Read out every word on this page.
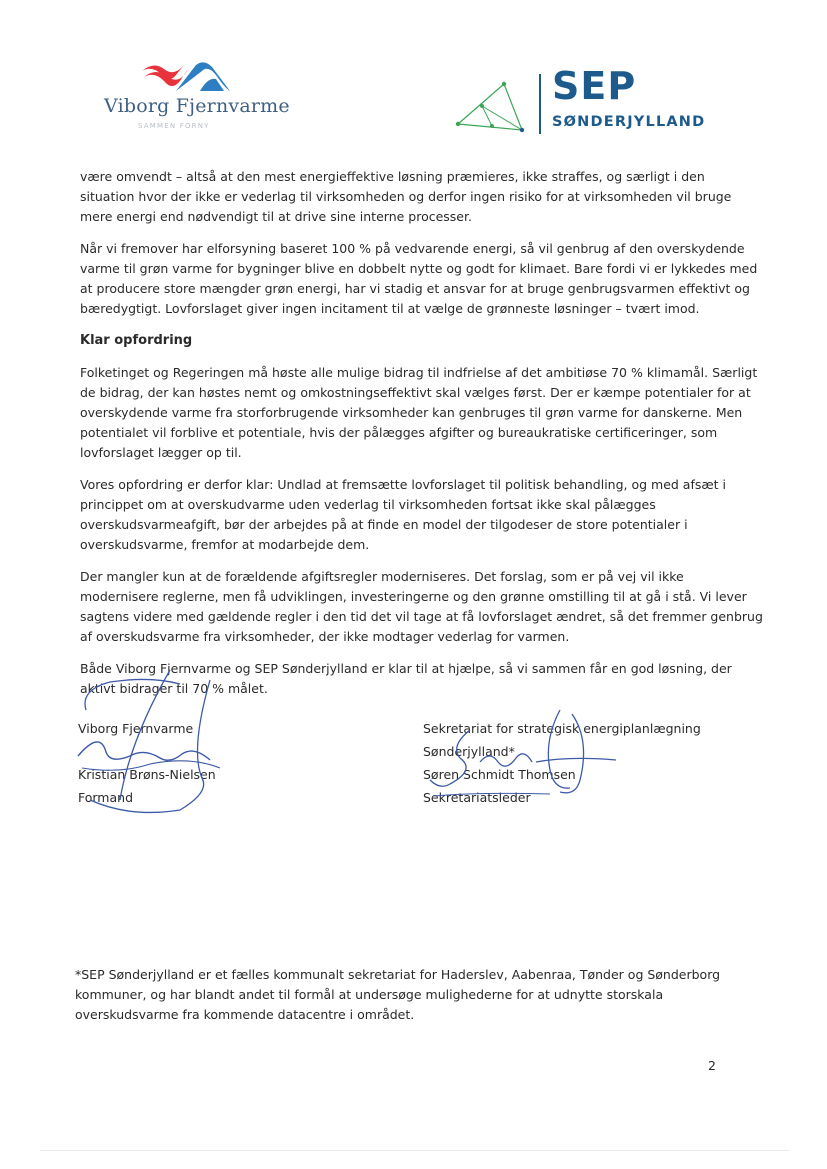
Viborg Fjernvarme
SAMMEN FORNY
SEP
SØNDERJYLLAND

være omvendt – altså at den mest energieffektive løsning præmieres, ikke straffes, og særligt i den
situation hvor der ikke er vederlag til virksomheden og derfor ingen risiko for at virksomheden vil bruge
mere energi end nødvendigt til at drive sine interne processer.

Når vi fremover har elforsyning baseret 100 % på vedvarende energi, så vil genbrug af den overskydende
varme til grøn varme for bygninger blive en dobbelt nytte og godt for klimaet. Bare fordi vi er lykkedes med
at producere store mængder grøn energi, har vi stadig et ansvar for at bruge genbrugsvarmen effektivt og
bæredygtigt. Lovforslaget giver ingen incitament til at vælge de grønneste løsninger – tvært imod.

Klar opfordring

Folketinget og Regeringen må høste alle mulige bidrag til indfrielse af det ambitiøse 70 % klimamål. Særligt
de bidrag, der kan høstes nemt og omkostningseffektivt skal vælges først. Der er kæmpe potentialer for at
overskydende varme fra storforbrugende virksomheder kan genbruges til grøn varme for danskerne. Men
potentialet vil forblive et potentiale, hvis der pålægges afgifter og bureaukratiske certificeringer, som
lovforslaget lægger op til.

Vores opfordring er derfor klar: Undlad at fremsætte lovforslaget til politisk behandling, og med afsæt i
princippet om at overskudvarme uden vederlag til virksomheden fortsat ikke skal pålægges
overskudsvarmeafgift, bør der arbejdes på at finde en model der tilgodeser de store potentialer i
overskudsvarme, fremfor at modarbejde dem.

Der mangler kun at de forældende afgiftsregler moderniseres. Det forslag, som er på vej vil ikke
modernisere reglerne, men få udviklingen, investeringerne og den grønne omstilling til at gå i stå. Vi lever
sagtens videre med gældende regler i den tid det vil tage at få lovforslaget ændret, så det fremmer genbrug
af overskudsvarme fra virksomheder, der ikke modtager vederlag for varmen.

Både Viborg Fjernvarme og SEP Sønderjylland er klar til at hjælpe, så vi sammen får en god løsning, der
aktivt bidrager til 70 % målet.

Viborg Fjernvarme

Kristian Brøns-Nielsen
Formand
Sekretariat for strategisk energiplanlægning
Sønderjylland*
Søren Schmidt Thomsen
Sekretariatsleder
*SEP Sønderjylland er et fælles kommunalt sekretariat for Haderslev, Aabenraa, Tønder og Sønderborg
kommuner, og har blandt andet til formål at undersøge mulighederne for at udnytte storskala
overskudsvarme fra kommende datacentre i området.
2
